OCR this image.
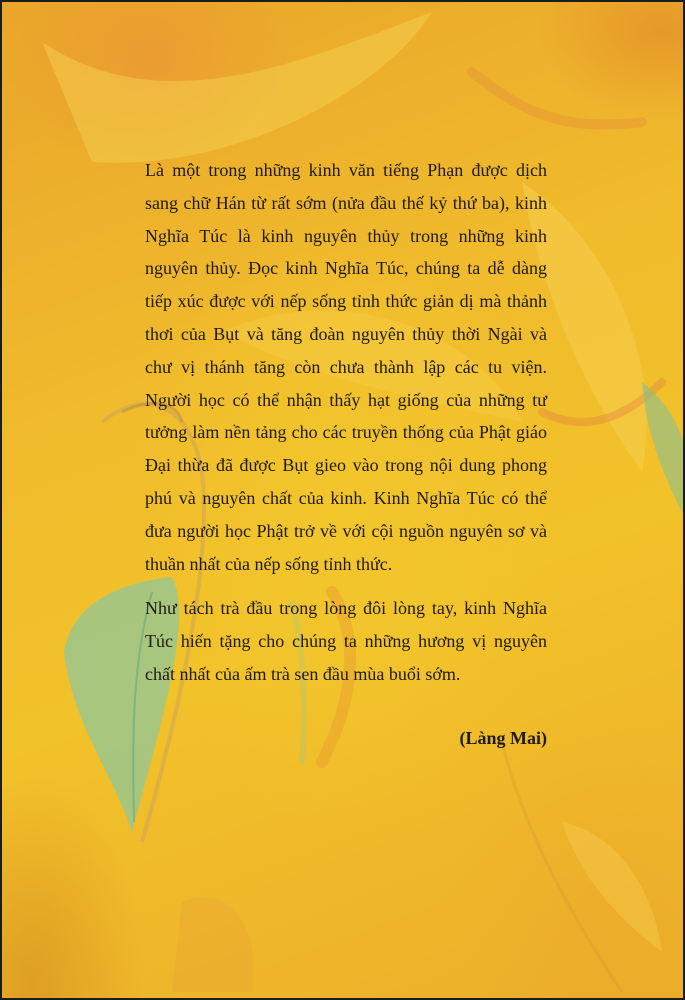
Là một trong những kinh văn tiếng Phạn được dịch sang chữ Hán từ rất sớm (nửa đầu thế kỷ thứ ba), kinh Nghĩa Túc là kinh nguyên thủy trong những kinh nguyên thủy. Đọc kinh Nghĩa Túc, chúng ta dễ dàng tiếp xúc được với nếp sống tỉnh thức giản dị mà thảnh thơi của Bụt và tăng đoàn nguyên thủy thời Ngài và chư vị thánh tăng còn chưa thành lập các tu viện. Người học có thể nhận thấy hạt giống của những tư tưởng làm nền tảng cho các truyền thống của Phật giáo Đại thừa đã được Bụt gieo vào trong nội dung phong phú và nguyên chất của kinh. Kinh Nghĩa Túc có thể đưa người học Phật trở về với cội nguồn nguyên sơ và thuần nhất của nếp sống tỉnh thức.

Như tách trà đầu trong lòng đôi lòng tay, kinh Nghĩa Túc hiến tặng cho chúng ta những hương vị nguyên chất nhất của ấm trà sen đầu mùa buổi sớm.

(Làng Mai)
